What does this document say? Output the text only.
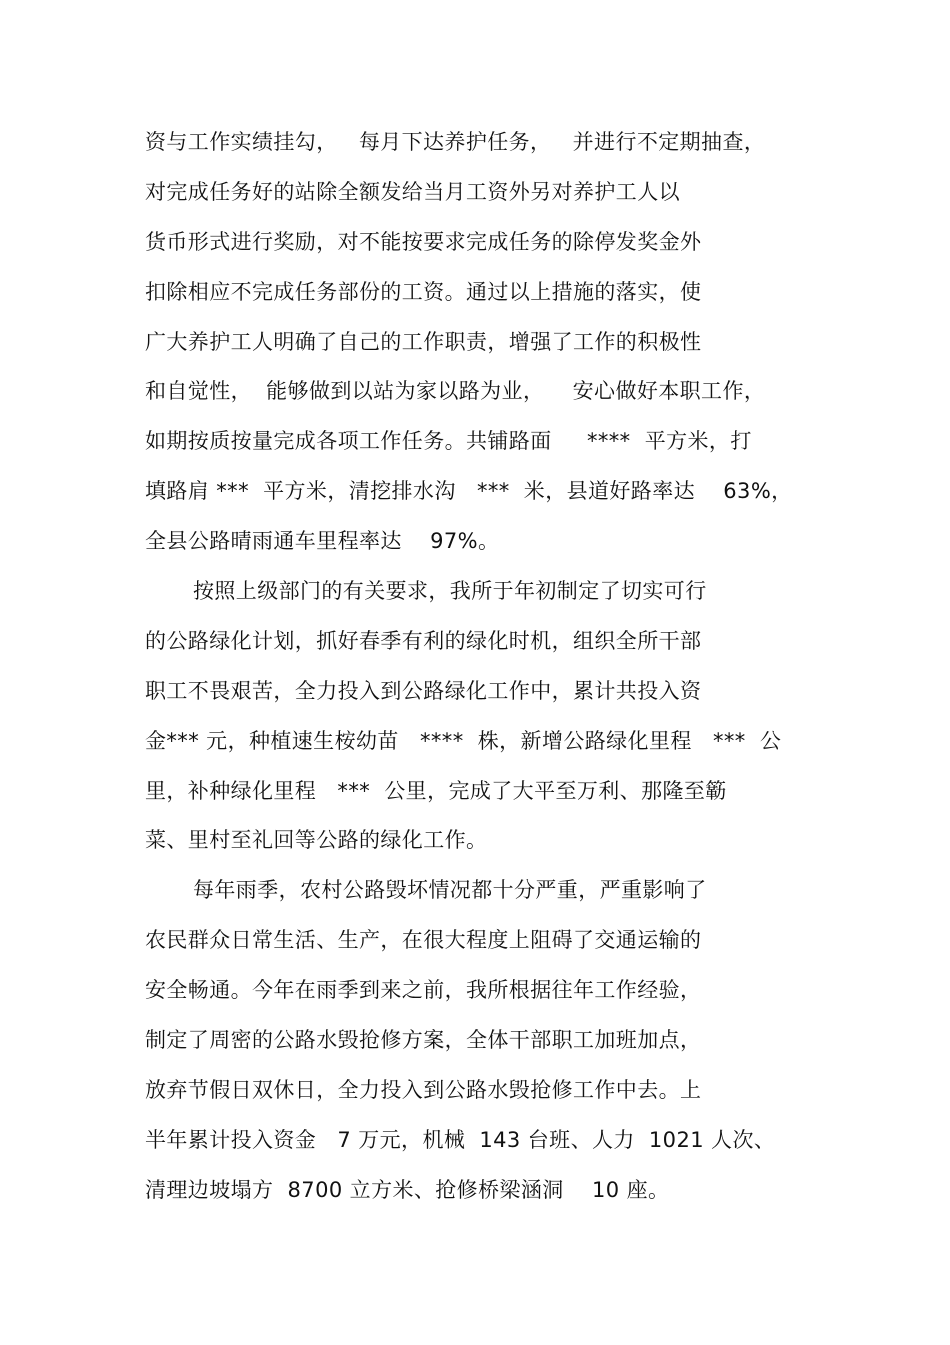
资与工作实绩挂勾，   每月下达养护任务，   并进行不定期抽查，
对完成任务好的站除全额发给当月工资外另对养护工人以
货币形式进行奖励，对不能按要求完成任务的除停发奖金外
扣除相应不完成任务部份的工资。通过以上措施的落实，使
广大养护工人明确了自己的工作职责，增强了工作的积极性
和自觉性，  能够做到以站为家以路为业，    安心做好本职工作，
如期按质按量完成各项工作任务。共铺路面     ****  平方米，打
填路肩 ***  平方米，清挖排水沟   ***  米，县道好路率达    63%，
全县公路晴雨通车里程率达    97%。
按照上级部门的有关要求，我所于年初制定了切实可行
的公路绿化计划，抓好春季有利的绿化时机，组织全所干部
职工不畏艰苦，全力投入到公路绿化工作中，累计共投入资
金*** 元，种植速生桉幼苗   ****  株，新增公路绿化里程   ***  公
里，补种绿化里程   ***  公里，完成了大平至万利、那隆至簕
菜、里村至礼回等公路的绿化工作。
每年雨季，农村公路毁坏情况都十分严重，严重影响了
农民群众日常生活、生产，在很大程度上阻碍了交通运输的
安全畅通。今年在雨季到来之前，我所根据往年工作经验，
制定了周密的公路水毁抢修方案，全体干部职工加班加点，
放弃节假日双休日，全力投入到公路水毁抢修工作中去。上
半年累计投入资金   7 万元，机械  143 台班、人力  1021 人次、
清理边坡塌方  8700 立方米、抢修桥梁涵洞    10 座。
